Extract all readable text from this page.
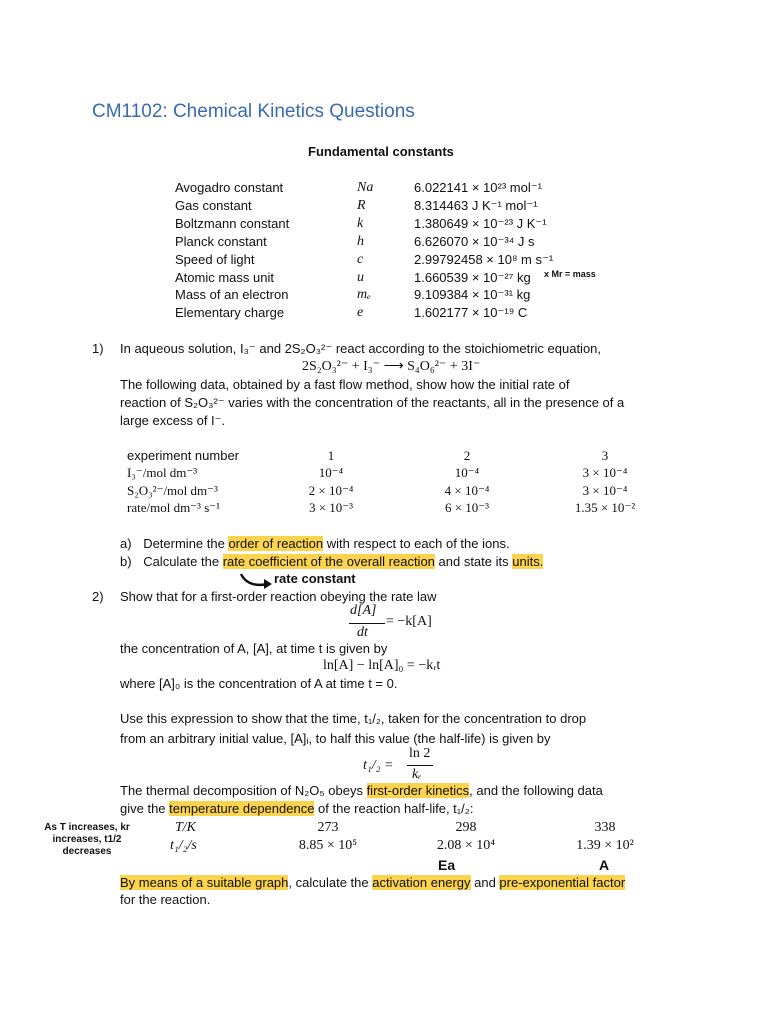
CM1102: Chemical Kinetics Questions
Fundamental constants
Avogadro constant	Na	6.022141 × 10²³ mol⁻¹
Gas constant	R	8.314463 J K⁻¹ mol⁻¹
Boltzmann constant	k	1.380649 × 10⁻²³ J K⁻¹
Planck constant	h	6.626070 × 10⁻³⁴ J s
Speed of light	c	2.99792458 × 10⁸ m s⁻¹
Atomic mass unit	u	1.660539 × 10⁻²⁷ kg
Mass of an electron	mₑ	9.109384 × 10⁻³¹ kg
Elementary charge	e	1.602177 × 10⁻¹⁹ C
x Mr = mass
1) In aqueous solution, I₃⁻ and 2S₂O₃²⁻ react according to the stoichiometric equation,
2S₂O₃²⁻ + I₃⁻ ⟶ S₄O₆²⁻ + 3I⁻
The following data, obtained by a fast flow method, show how the initial rate of
reaction of S₂O₃²⁻ varies with the concentration of the reactants, all in the presence of a
large excess of I⁻.
experiment number	1	2	3
I₃⁻/mol dm⁻³	10⁻⁴	10⁻⁴	3 × 10⁻⁴
S₂O₃²⁻/mol dm⁻³	2 × 10⁻⁴	4 × 10⁻⁴	3 × 10⁻⁴
rate/mol dm⁻³ s⁻¹	3 × 10⁻³	6 × 10⁻³	1.35 × 10⁻²
a) Determine the order of reaction with respect to each of the ions.
b) Calculate the rate coefficient of the overall reaction and state its units.
rate constant
2) Show that for a first-order reaction obeying the rate law
d[A]
dt
= −k[A]
the concentration of A, [A], at time t is given by
ln[A] − ln[A]₀ = −kᵣt
where [A]₀ is the concentration of A at time t = 0.
Use this expression to show that the time, t₁/₂, taken for the concentration to drop
from an arbitrary initial value, [A]ᵢ, to half this value (the half-life) is given by
t₁/₂ =
ln 2
kᵣ
The thermal decomposition of N₂O₅ obeys first-order kinetics, and the following data
give the temperature dependence of the reaction half-life, t₁/₂:
As T increases, kr increases, t1/2 decreases
T/K	273	298	338
t₁/₂/s	8.85 × 10⁵	2.08 × 10⁴	1.39 × 10²
Ea	A
By means of a suitable graph, calculate the activation energy and pre-exponential factor
for the reaction.
